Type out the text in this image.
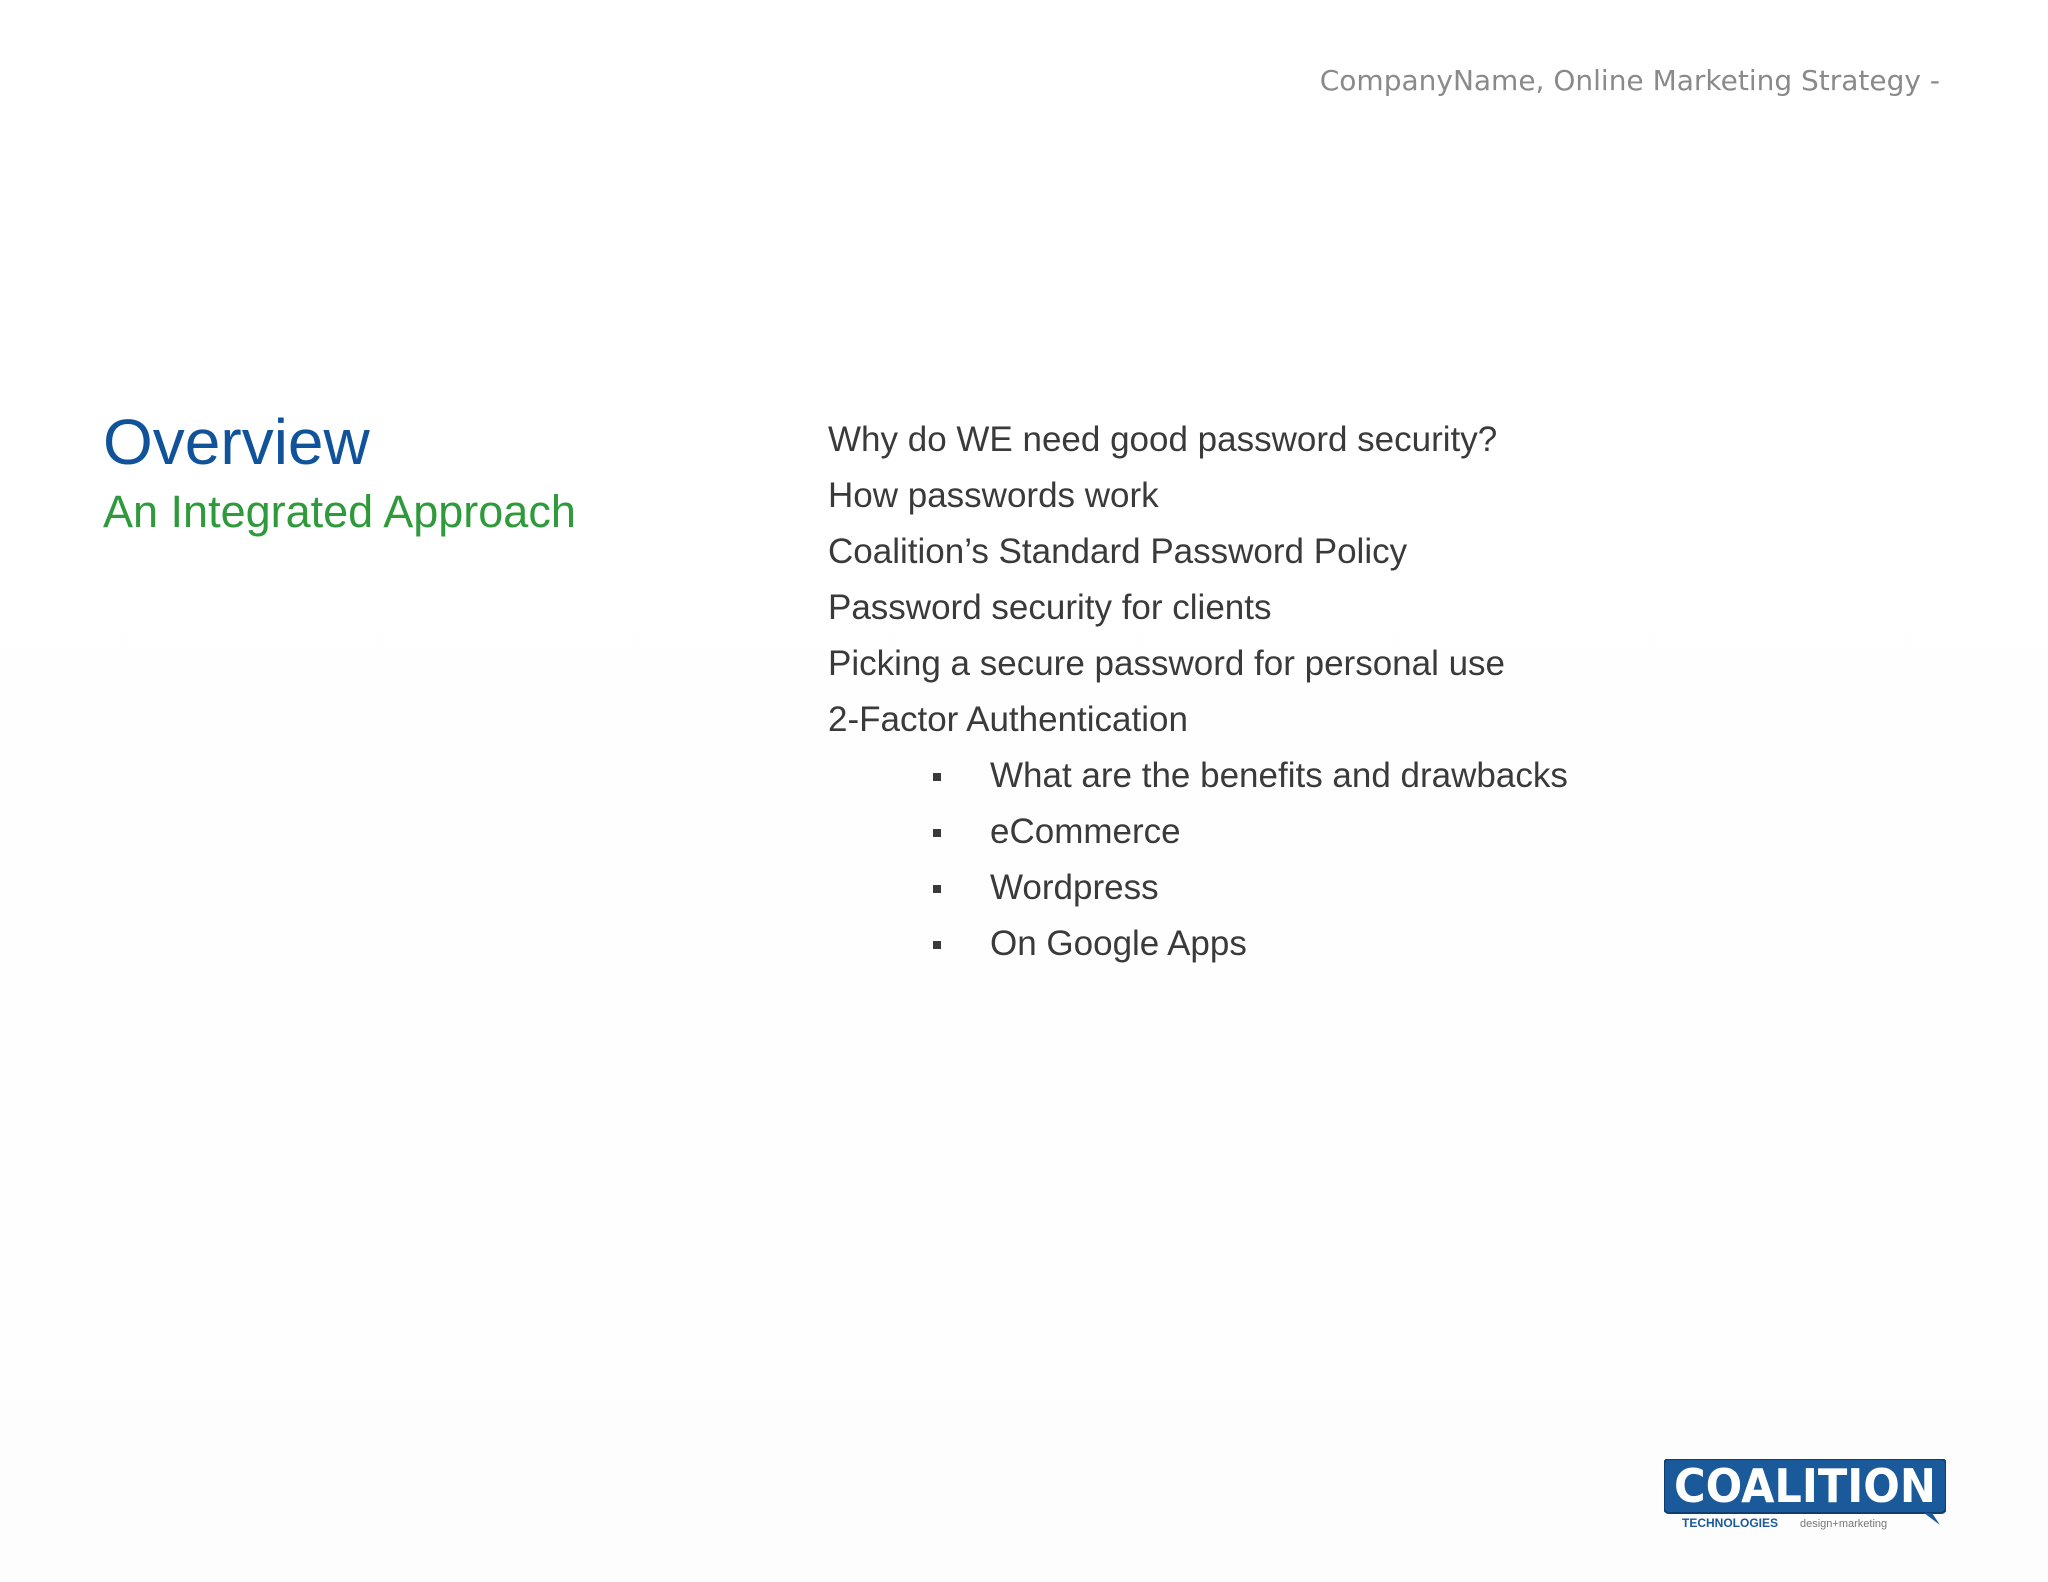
CompanyName, Online Marketing Strategy -
Overview
An Integrated Approach
Why do WE need good password security?
How passwords work
Coalition’s Standard Password Policy
Password security for clients
Picking a secure password for personal use
2-Factor Authentication
What are the benefits and drawbacks
eCommerce
Wordpress
On Google Apps
COALITION
TECHNOLOGIES design+marketing
